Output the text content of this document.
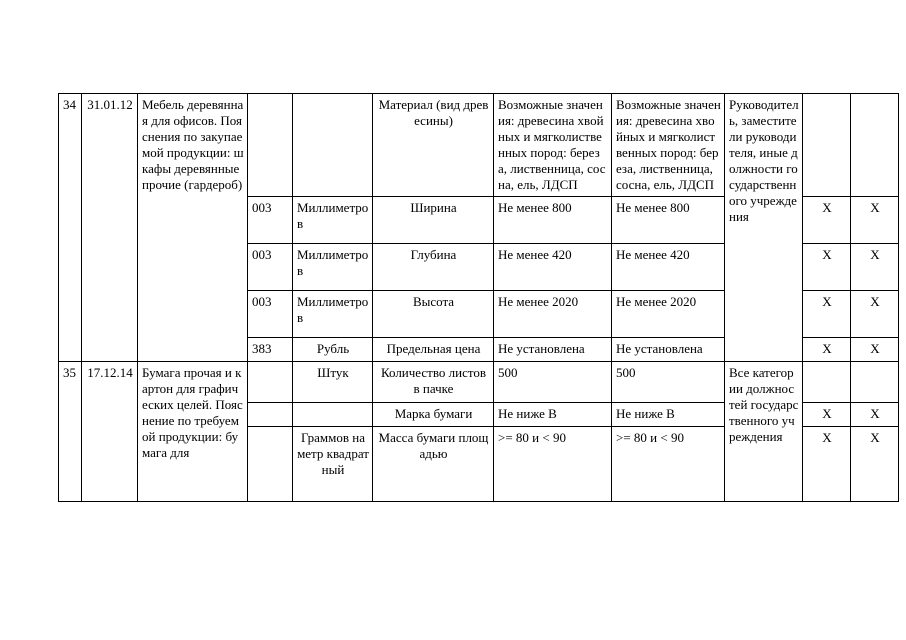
34	31.01.12	Мебель деревянная для офисов. Пояснения по закупаемой продукции: шкафы деревянные прочие (гардероб)			Материал (вид древесины)	Возможные значения: древесина хвойных и мягколиственных пород: береза, лиственница, сосна, ель, ЛДСП	Возможные значения: древесина хвойных и мягколиственных пород: береза, лиственница, сосна, ель, ЛДСП	Руководитель, заместители руководителя, иные должности государственного учреждения		
			003	Миллиметров	Ширина	Не менее 800	Не менее 800		Х	Х
			003	Миллиметров	Глубина	Не менее 420	Не менее 420		Х	Х
			003	Миллиметров	Высота	Не менее 2020	Не менее 2020		Х	Х
			383	Рубль	Предельная цена	Не установлена	Не установлена		Х	Х
35	17.12.14	Бумага прочая и картон для графических целей. Пояснение по требуемой продукции: бумага для		Штук	Количество листов в пачке	500	500	Все категории должностей государственного учреждения		
					Марка бумаги	Не ниже В	Не ниже В		Х	Х
				Граммов на метр квадратный	Масса бумаги площадью	>= 80 и < 90	>= 80 и < 90		Х	Х
